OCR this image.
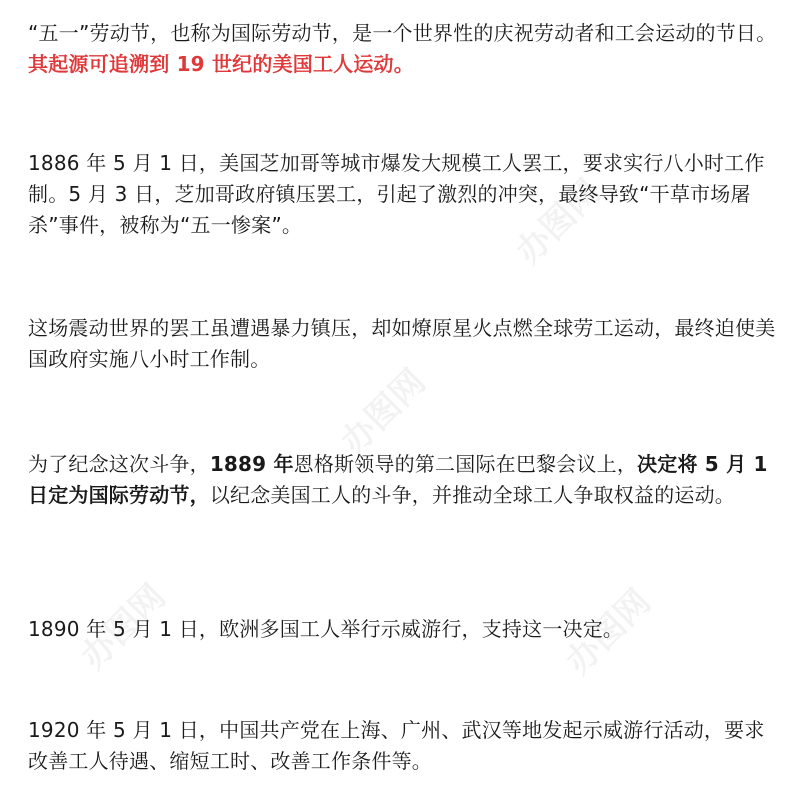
“五一”劳动节，也称为国际劳动节，是一个世界性的庆祝劳动者和工会运动的节日。其起源可追溯到 19 世纪的美国工人运动。

1886 年 5 月 1 日，美国芝加哥等城市爆发大规模工人罢工，要求实行八小时工作制。5 月 3 日，芝加哥政府镇压罢工，引起了激烈的冲突，最终导致“干草市场屠杀”事件，被称为“五一惨案”。

这场震动世界的罢工虽遭遇暴力镇压，却如燎原星火点燃全球劳工运动，最终迫使美国政府实施八小时工作制。

为了纪念这次斗争，1889 年恩格斯领导的第二国际在巴黎会议上，决定将 5 月 1 日定为国际劳动节，以纪念美国工人的斗争，并推动全球工人争取权益的运动。

1890 年 5 月 1 日，欧洲多国工人举行示威游行，支持这一决定。

1920 年 5 月 1 日，中国共产党在上海、广州、武汉等地发起示威游行活动，要求改善工人待遇、缩短工时、改善工作条件等。

办图网
办图网
办图网	办图网
